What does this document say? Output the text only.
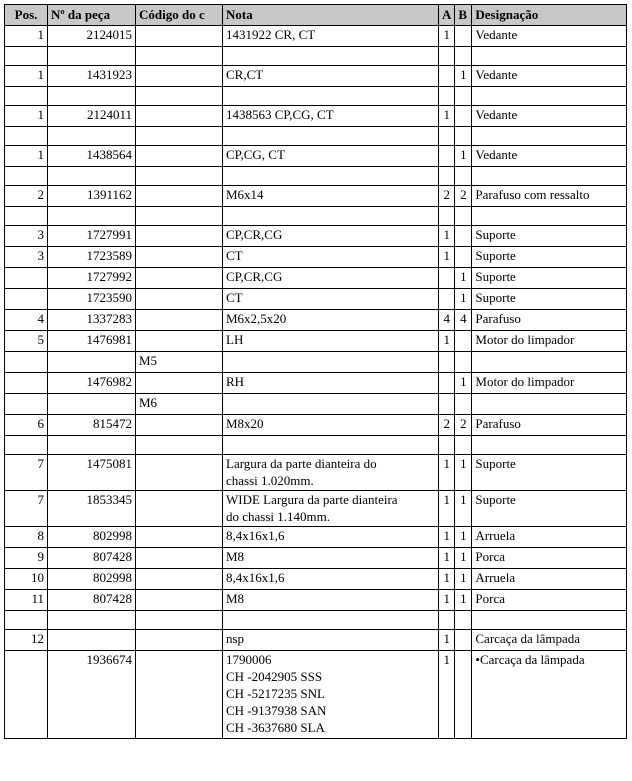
Pos.	Nº da peça	Código do c	Nota	A	B	Designação
1	2124015		1431922 CR, CT	1		Vedante

1	1431923		CR,CT		1	Vedante

1	2124011		1438563 CP,CG, CT	1		Vedante

1	1438564		CP,CG, CT		1	Vedante

2	1391162		M6x14	2	2	Parafuso com ressalto

3	1727991		CP,CR,CG	1		Suporte
3	1723589		CT	1		Suporte
	1727992		CP,CR,CG		1	Suporte
	1723590		CT		1	Suporte
4	1337283		M6x2,5x20	4	4	Parafuso
5	1476981		LH	1		Motor do limpador
		M5	

	1476982		RH		1	Motor do limpador
		M6	

6	815472		M8x20	2	2	Parafuso

7	1475081		Largura da parte dianteira do
chassi 1.020mm.	1	1	Suporte
7	1853345		WIDE Largura da parte dianteira
do chassi 1.140mm.	1	1	Suporte
8	802998		8,4x16x1,6	1	1	Arruela
9	807428		M8	1	1	Porca
10	802998		8,4x16x1,6	1	1	Arruela
11	807428		M8	1	1	Porca

12			nsp	1		Carcaça da lâmpada
	1936674		1790006
CH -2042905 SSS
CH -5217235 SNL
CH -9137938 SAN
CH -3637680 SLA	1		•Carcaça da lâmpada
